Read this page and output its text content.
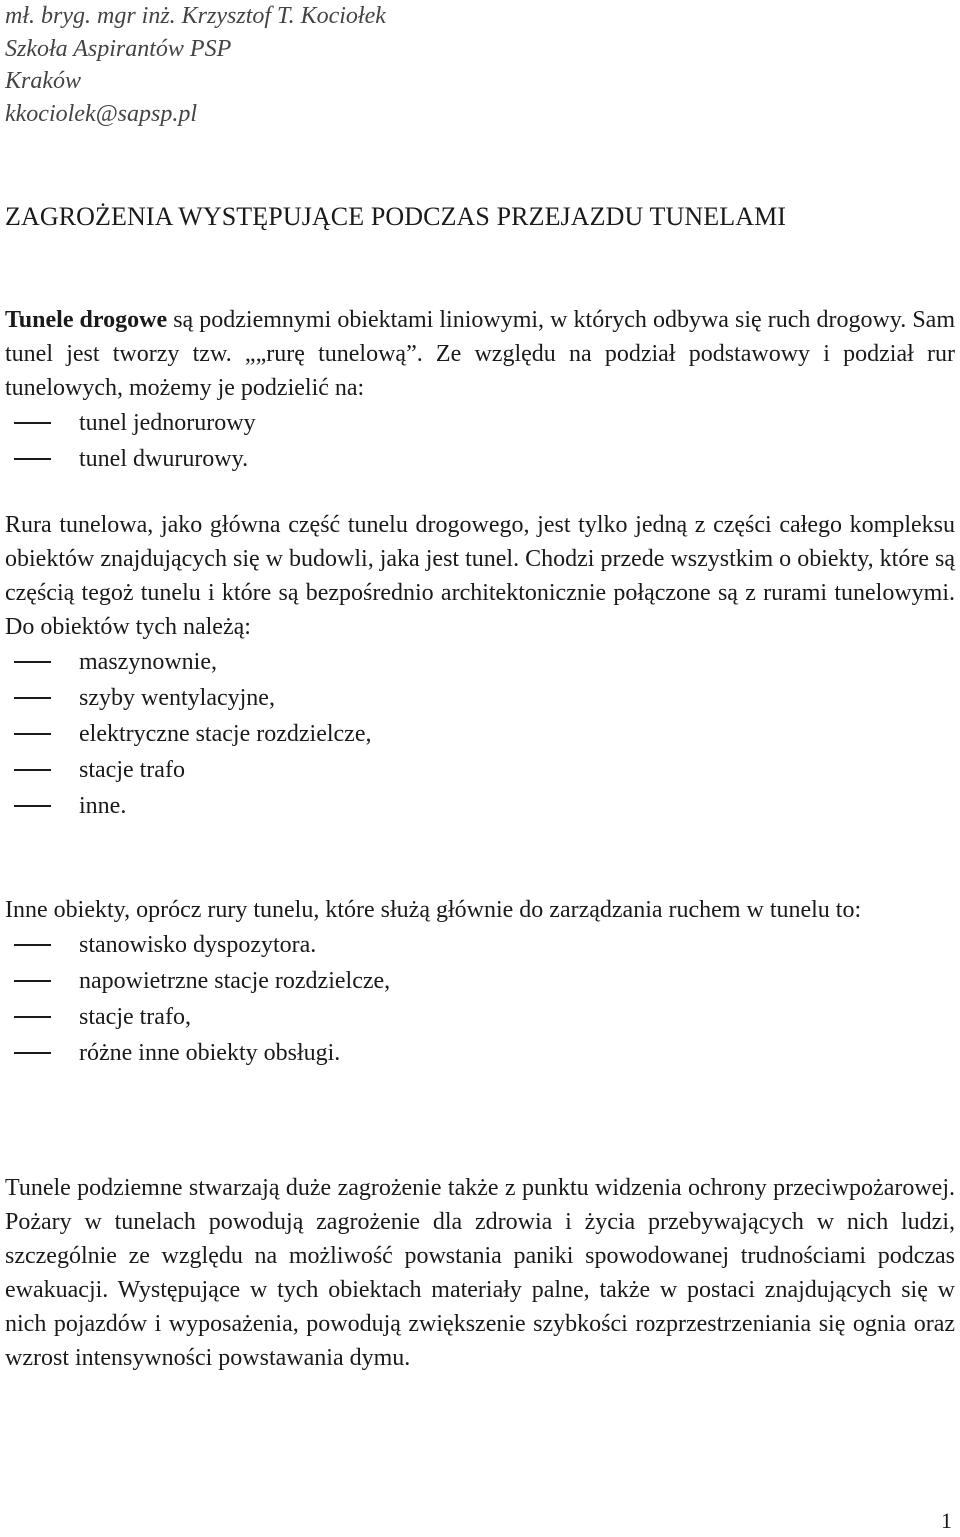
mł. bryg. mgr inż. Krzysztof T. Kociołek
Szkoła Aspirantów PSP
Kraków
kkociolek@sapsp.pl
ZAGROŻENIA WYSTĘPUJĄCE PODCZAS PRZEJAZDU TUNELAMI

Tunele drogowe są podziemnymi obiektami liniowymi, w których odbywa się ruch drogowy. Sam tunel jest tworzy tzw. „„rurę tunelową”. Ze względu na podział podstawowy i podział rur tunelowych, możemy je podzielić na:

tunel jednorurowy
tunel dwururowy.

Rura tunelowa, jako główna część tunelu drogowego, jest tylko jedną z części całego kompleksu obiektów znajdujących się w budowli, jaka jest tunel. Chodzi przede wszystkim o obiekty, które są częścią tegoż tunelu i które są bezpośrednio architektonicznie połączone są z rurami tunelowymi. Do obiektów tych należą:

maszynownie,
szyby wentylacyjne,
elektryczne stacje rozdzielcze,
stacje trafo
inne.

Inne obiekty, oprócz rury tunelu, które służą głównie do zarządzania ruchem w tunelu to:

stanowisko dyspozytora.
napowietrzne stacje rozdzielcze,
stacje trafo,
różne inne obiekty obsługi.

Tunele podziemne stwarzają duże zagrożenie także z punktu widzenia ochrony przeciwpożarowej. Pożary w tunelach powodują zagrożenie dla zdrowia i życia przebywających w nich ludzi, szczególnie ze względu na możliwość powstania paniki spowodowanej trudnościami podczas ewakuacji. Występujące w tych obiektach materiały palne, także w postaci znajdujących się w nich pojazdów i wyposażenia, powodują zwiększenie szybkości rozprzestrzeniania się ognia oraz wzrost intensywności powstawania dymu.

1
